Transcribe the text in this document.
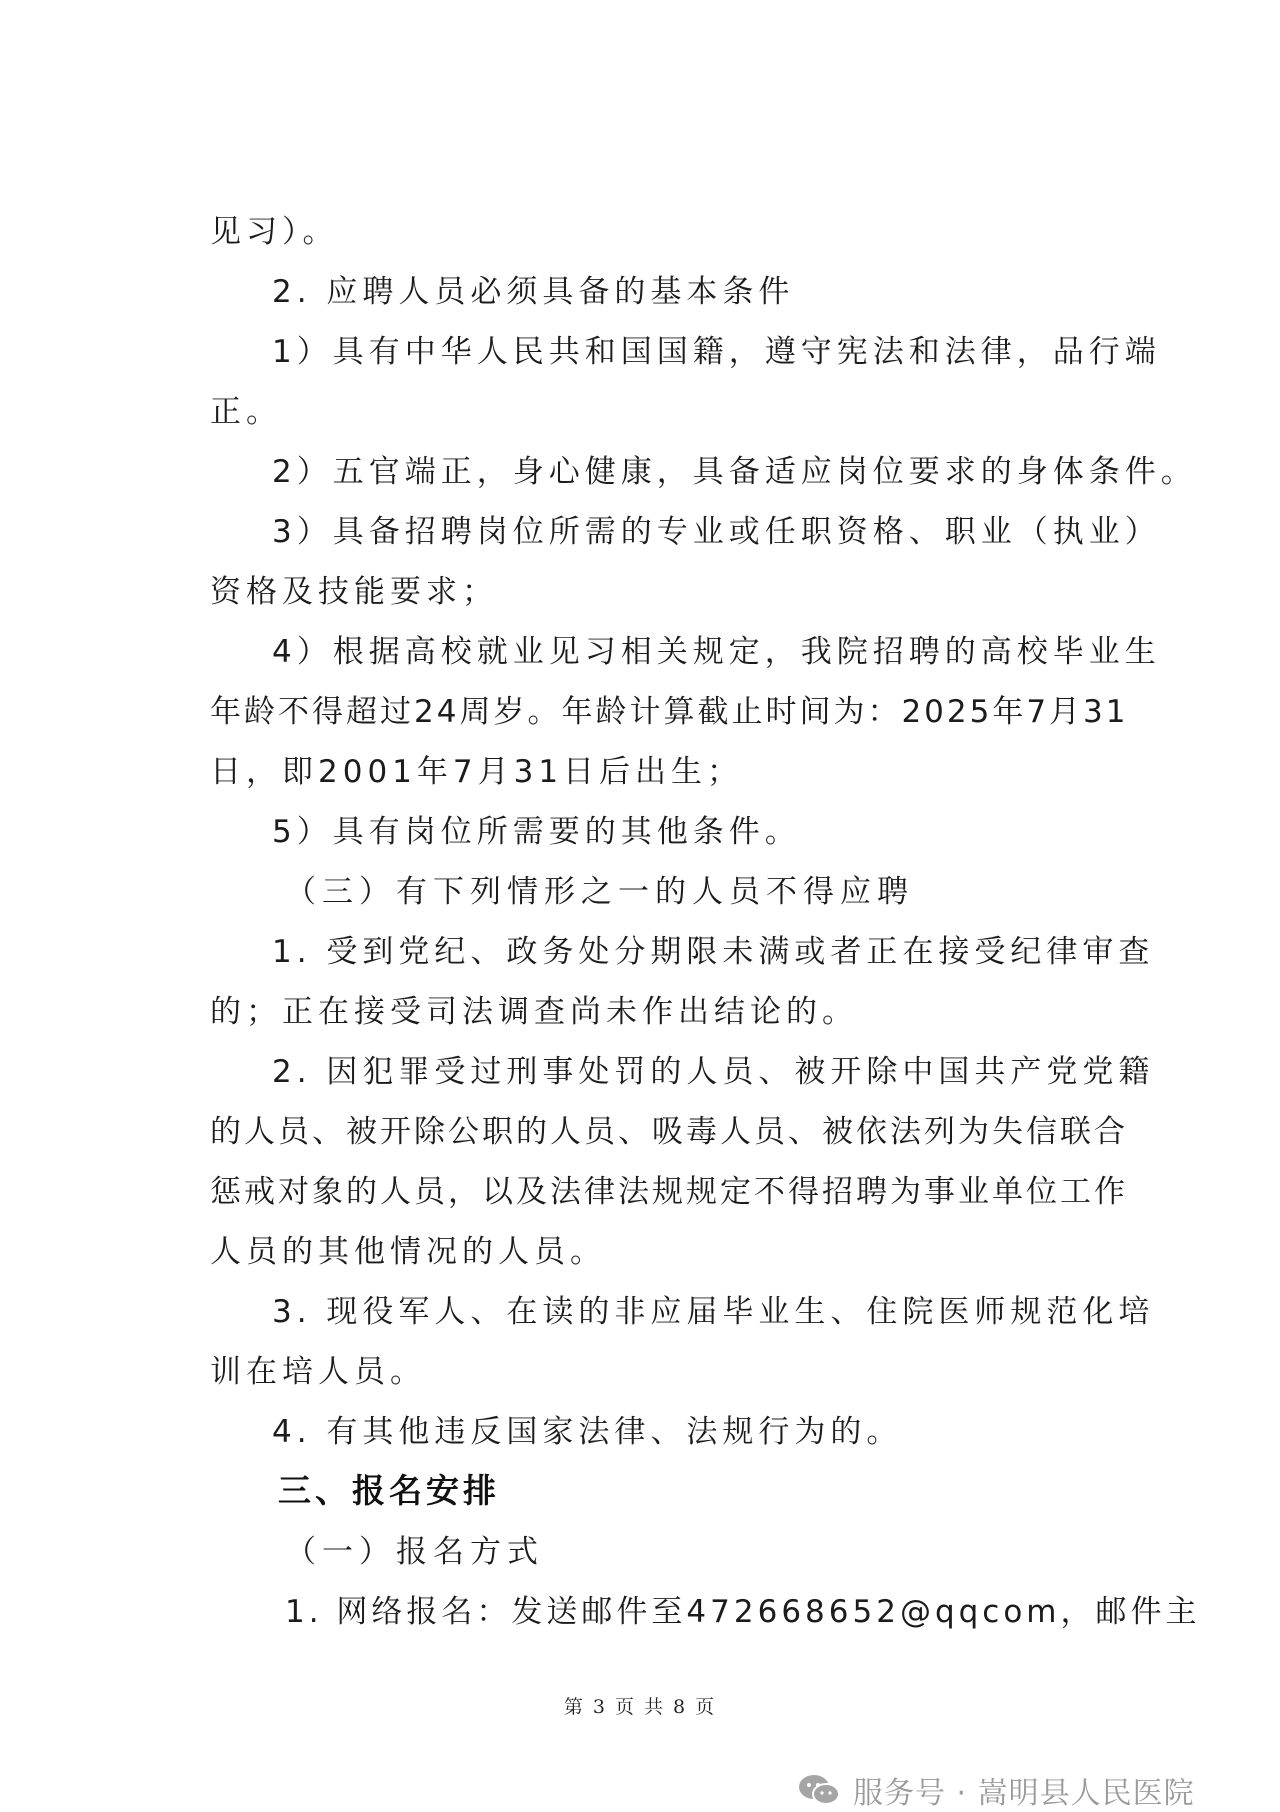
见习）。
2. 应聘人员必须具备的基本条件
1）具有中华人民共和国国籍，遵守宪法和法律，品行端
正。
2）五官端正，身心健康，具备适应岗位要求的身体条件。
3）具备招聘岗位所需的专业或任职资格、职业（执业）
资格及技能要求；
4）根据高校就业见习相关规定，我院招聘的高校毕业生
年龄不得超过24周岁。年龄计算截止时间为：2025年7月31
日，即2001年7月31日后出生；
5）具有岗位所需要的其他条件。
（三）有下列情形之一的人员不得应聘
1. 受到党纪、政务处分期限未满或者正在接受纪律审查
的；正在接受司法调查尚未作出结论的。
2. 因犯罪受过刑事处罚的人员、被开除中国共产党党籍
的人员、被开除公职的人员、吸毒人员、被依法列为失信联合
惩戒对象的人员，以及法律法规规定不得招聘为事业单位工作
人员的其他情况的人员。
3. 现役军人、在读的非应届毕业生、住院医师规范化培
训在培人员。
4. 有其他违反国家法律、法规行为的。
三、报名安排
（一）报名方式
1. 网络报名：发送邮件至472668652@qqcom，邮件主
第 3 页 共 8 页
服务号 · 嵩明县人民医院
